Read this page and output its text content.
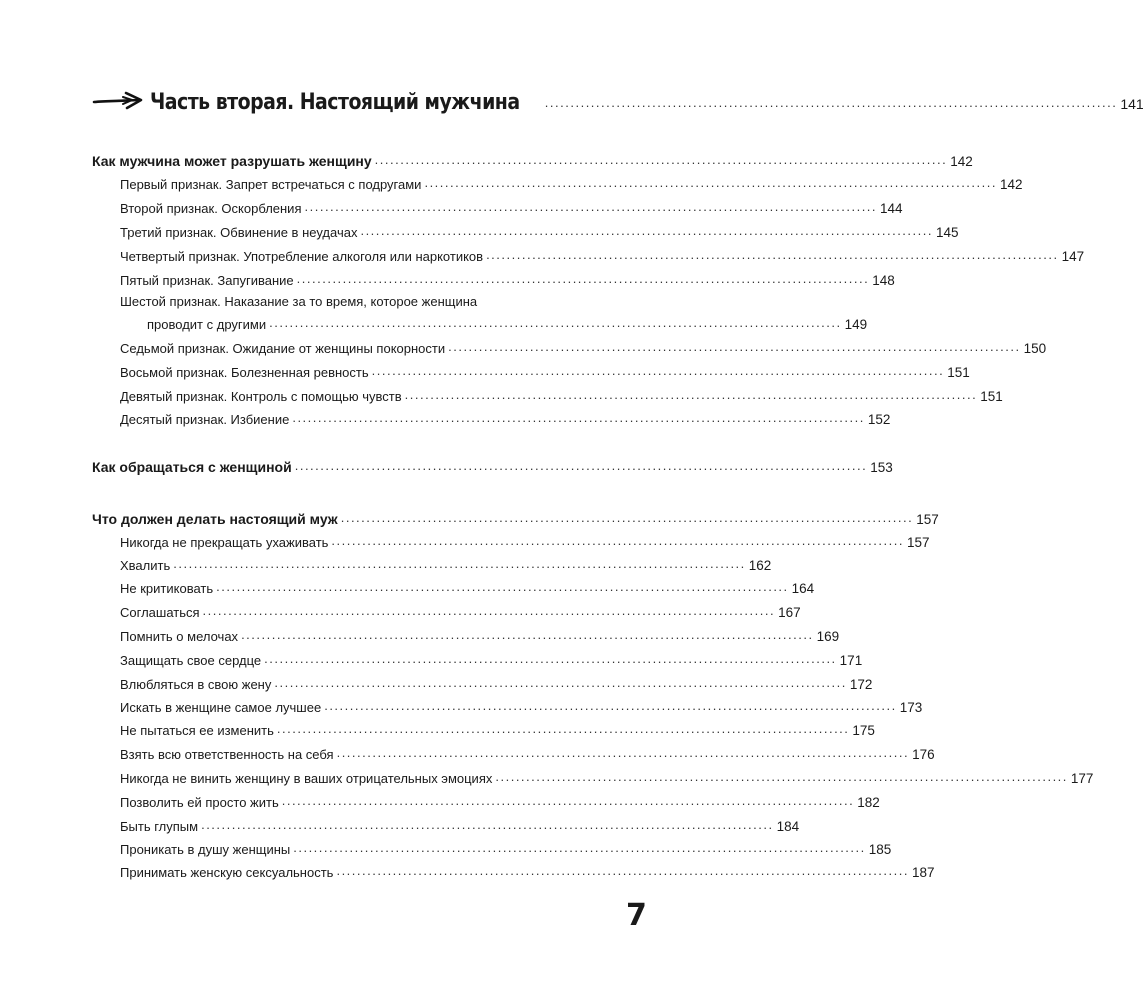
Часть вторая. Настоящий мужчина ................................................................................................................ 141
Как мужчина может разрушать женщину ................................................................................................................ 142
Первый признак. Запрет встречаться с подругами ................................................................................................................ 142
Второй признак. Оскорбления ................................................................................................................ 144
Третий признак. Обвинение в неудачах ................................................................................................................ 145
Четвертый признак. Употребление алкоголя или наркотиков ................................................................................................................ 147
Пятый признак. Запугивание ................................................................................................................ 148
Шестой признак. Наказание за то время, которое женщина
проводит с другими ................................................................................................................ 149
Седьмой признак. Ожидание от женщины покорности ................................................................................................................ 150
Восьмой признак. Болезненная ревность ................................................................................................................ 151
Девятый признак. Контроль с помощью чувств ................................................................................................................ 151
Десятый признак. Избиение ................................................................................................................ 152
Как обращаться с женщиной ................................................................................................................ 153
Что должен делать настоящий муж ................................................................................................................ 157
Никогда не прекращать ухаживать ................................................................................................................ 157
Хвалить ................................................................................................................ 162
Не критиковать ................................................................................................................ 164
Соглашаться ................................................................................................................ 167
Помнить о мелочах ................................................................................................................ 169
Защищать свое сердце ................................................................................................................ 171
Влюбляться в свою жену ................................................................................................................ 172
Искать в женщине самое лучшее ................................................................................................................ 173
Не пытаться ее изменить ................................................................................................................ 175
Взять всю ответственность на себя ................................................................................................................ 176
Никогда не винить женщину в ваших отрицательных эмоциях ................................................................................................................ 177
Позволить ей просто жить ................................................................................................................ 182
Быть глупым ................................................................................................................ 184
Проникать в душу женщины ................................................................................................................ 185
Принимать женскую сексуальность ................................................................................................................ 187
7
